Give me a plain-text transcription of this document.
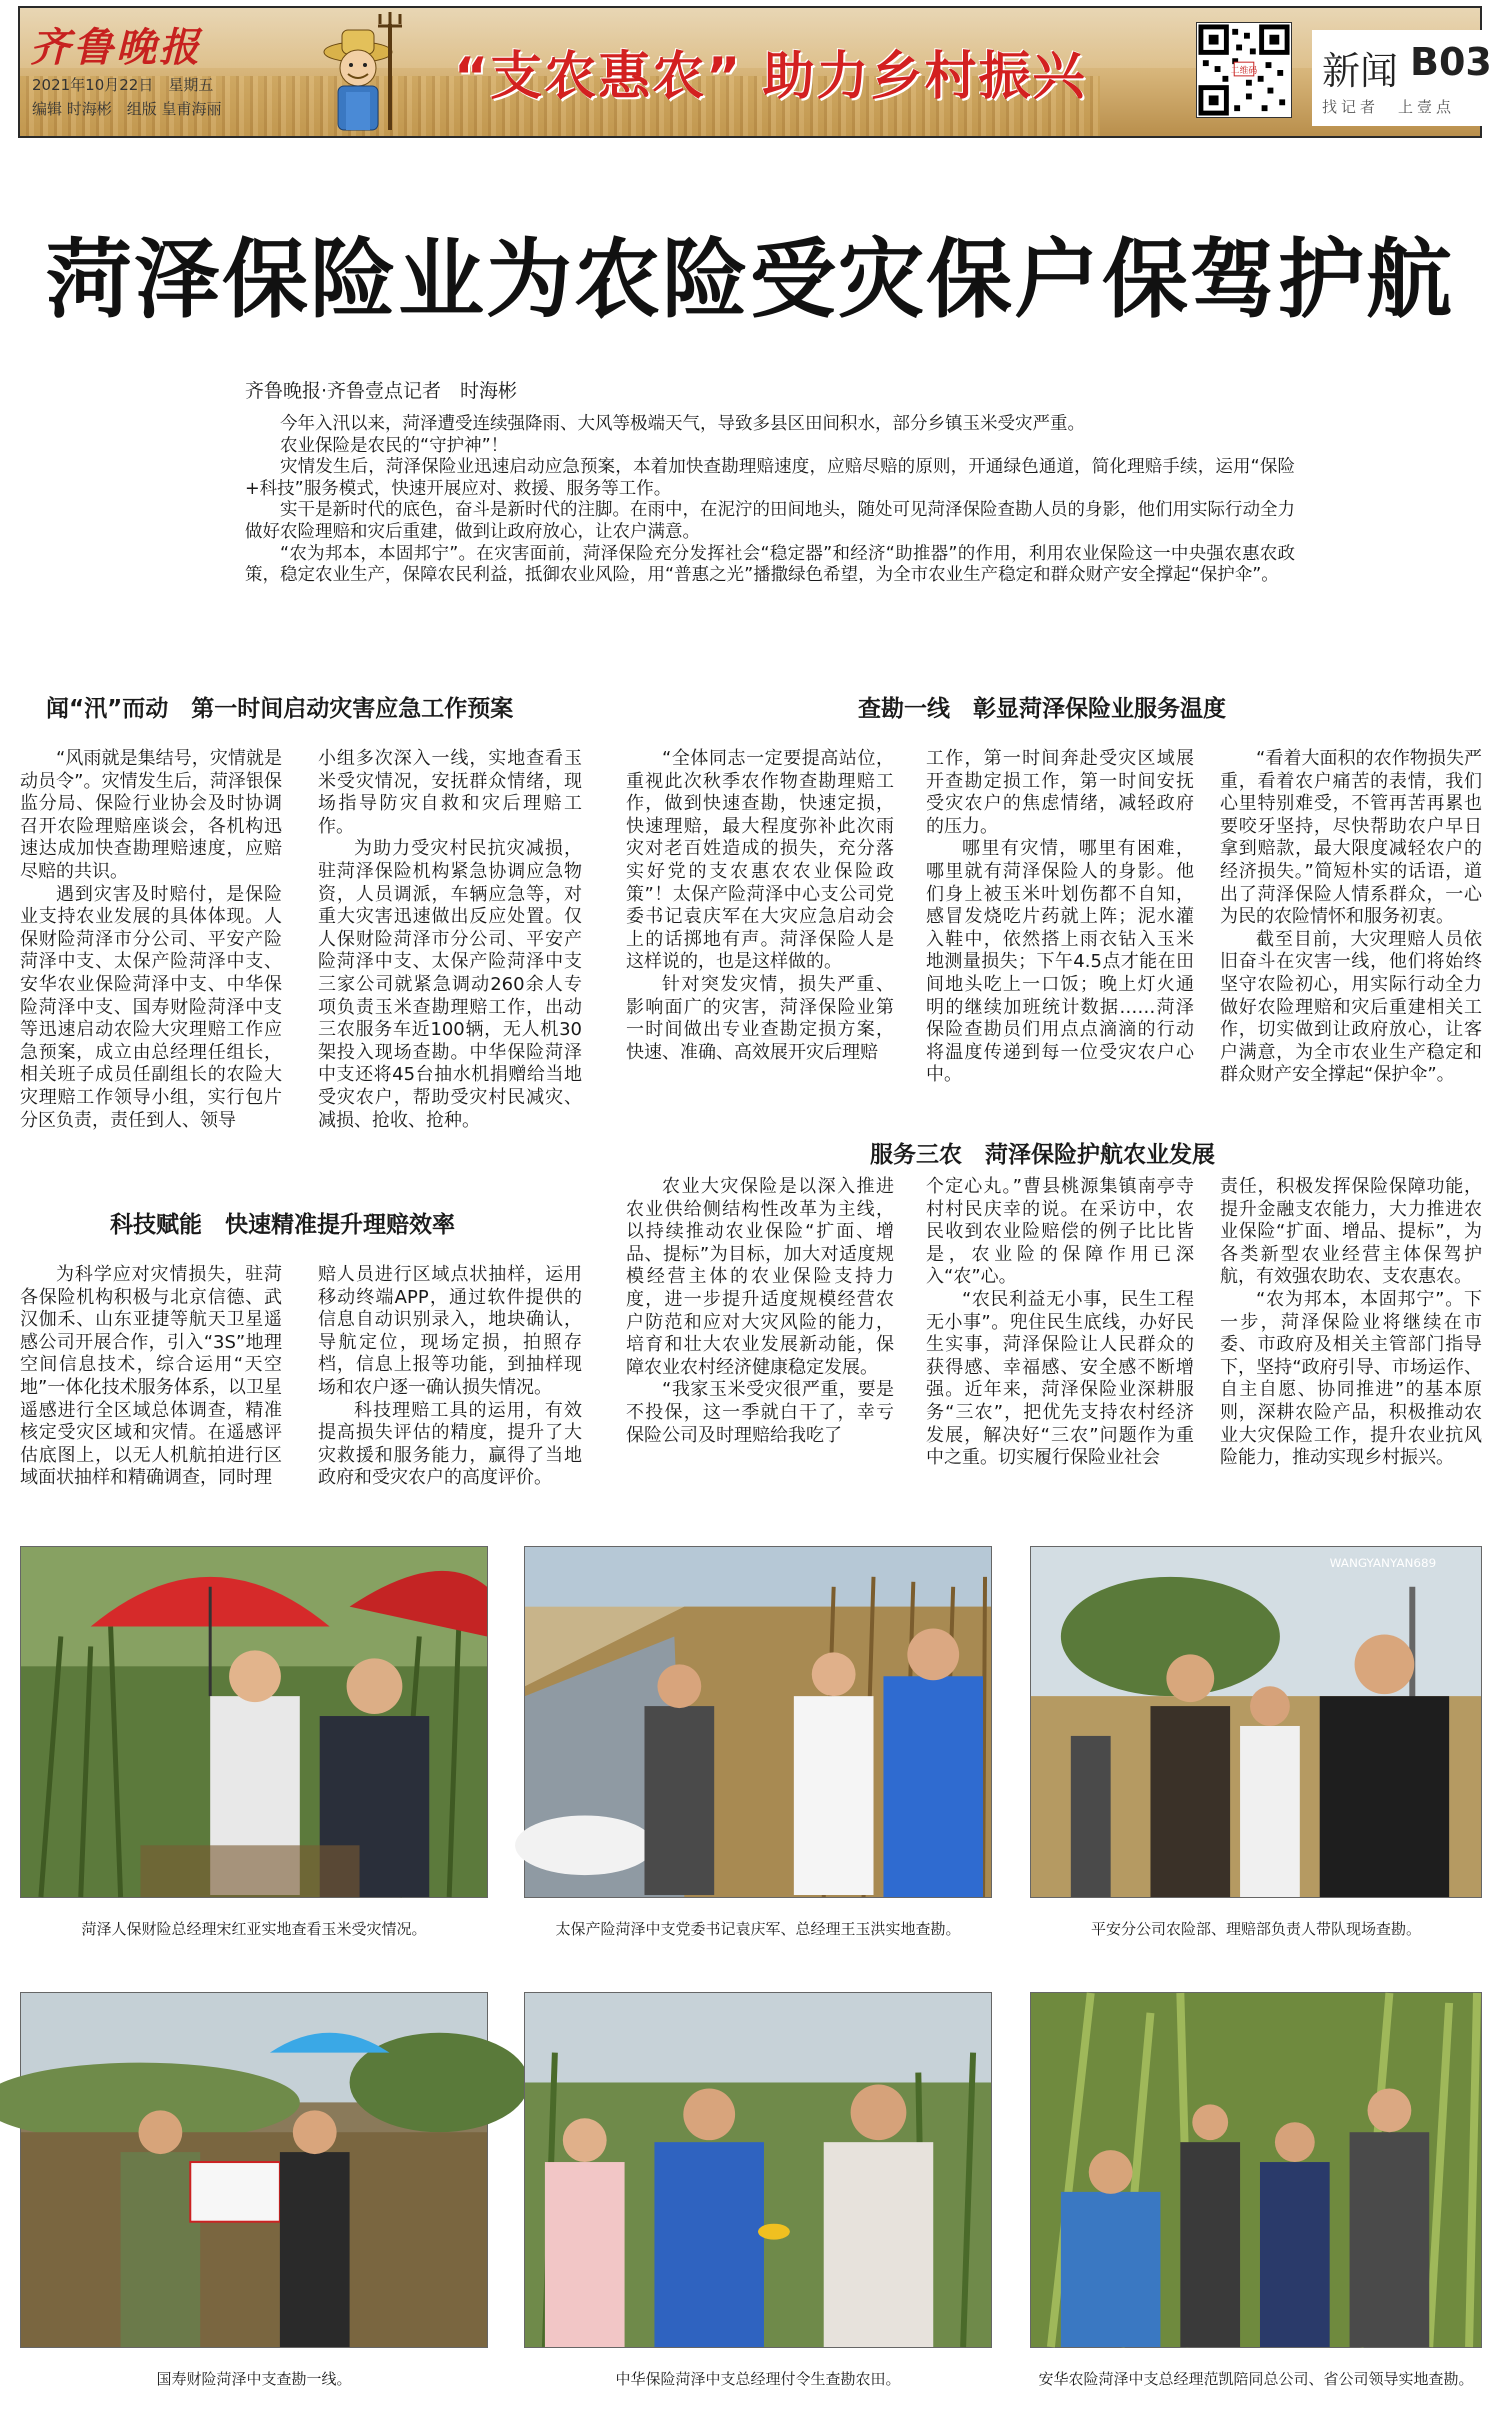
齐鲁晚报
2021年10月22日　星期五
编辑 时海彬　组版 皇甫海丽
“支农惠农” 助力乡村振兴	二维码 新闻 B03
找记者　上壹点
菏泽保险业为农险受灾保户保驾护航
齐鲁晚报·齐鲁壹点记者　时海彬

今年入汛以来，菏泽遭受连续强降雨、大风等极端天气，导致多县区田间积水，部分乡镇玉米受灾严重。

农业保险是农民的“守护神”！

灾情发生后，菏泽保险业迅速启动应急预案，本着加快查勘理赔速度，应赔尽赔的原则，开通绿色通道，简化理赔手续，运用“保险+科技”服务模式，快速开展应对、救援、服务等工作。

实干是新时代的底色，奋斗是新时代的注脚。在雨中，在泥泞的田间地头，随处可见菏泽保险查勘人员的身影，他们用实际行动全力做好农险理赔和灾后重建，做到让政府放心，让农户满意。

“农为邦本，本固邦宁”。在灾害面前，菏泽保险充分发挥社会“稳定器”和经济“助推器”的作用，利用农业保险这一中央强农惠农政策，稳定农业生产，保障农民利益，抵御农业风险，用“普惠之光”播撒绿色希望，为全市农业生产稳定和群众财产安全撑起“保护伞”。

闻“汛”而动　第一时间启动灾害应急工作预案

“风雨就是集结号，灾情就是动员令”。灾情发生后，菏泽银保监分局、保险行业协会及时协调召开农险理赔座谈会，各机构迅速达成加快查勘理赔速度，应赔尽赔的共识。

遇到灾害及时赔付，是保险业支持农业发展的具体体现。人保财险菏泽市分公司、平安产险菏泽中支、太保产险菏泽中支、安华农业保险菏泽中支、中华保险菏泽中支、国寿财险菏泽中支等迅速启动农险大灾理赔工作应急预案，成立由总经理任组长，相关班子成员任副组长的农险大灾理赔工作领导小组，实行包片分区负责，责任到人、领导

小组多次深入一线，实地查看玉米受灾情况，安抚群众情绪，现场指导防灾自救和灾后理赔工作。

为助力受灾村民抗灾减损，驻菏泽保险机构紧急协调应急物资，人员调派，车辆应急等，对重大灾害迅速做出反应处置。仅人保财险菏泽市分公司、平安产险菏泽中支、太保产险菏泽中支三家公司就紧急调动260余人专项负责玉米查勘理赔工作，出动三农服务车近100辆，无人机30架投入现场查勘。中华保险菏泽中支还将45台抽水机捐赠给当地受灾农户，帮助受灾村民减灾、减损、抢收、抢种。

科技赋能　快速精准提升理赔效率

为科学应对灾情损失，驻菏各保险机构积极与北京信德、武汉伽禾、山东亚捷等航天卫星遥感公司开展合作，引入“3S”地理空间信息技术，综合运用“天空地”一体化技术服务体系，以卫星遥感进行全区域总体调查，精准核定受灾区域和灾情。在遥感评估底图上，以无人机航拍进行区域面状抽样和精确调查，同时理

赔人员进行区域点状抽样，运用移动终端APP，通过软件提供的信息自动识别录入，地块确认，导航定位，现场定损，拍照存档，信息上报等功能，到抽样现场和农户逐一确认损失情况。

科技理赔工具的运用，有效提高损失评估的精度，提升了大灾救援和服务能力，赢得了当地政府和受灾农户的高度评价。

查勘一线　彰显菏泽保险业服务温度

“全体同志一定要提高站位，重视此次秋季农作物查勘理赔工作，做到快速查勘，快速定损，快速理赔，最大程度弥补此次雨灾对老百姓造成的损失，充分落实好党的支农惠农农业保险政策”！太保产险菏泽中心支公司党委书记袁庆军在大灾应急启动会上的话掷地有声。菏泽保险人是这样说的，也是这样做的。

针对突发灾情，损失严重、影响面广的灾害，菏泽保险业第一时间做出专业查勘定损方案，快速、准确、高效展开灾后理赔

工作，第一时间奔赴受灾区域展开查勘定损工作，第一时间安抚受灾农户的焦虑情绪，减轻政府的压力。

哪里有灾情，哪里有困难，哪里就有菏泽保险人的身影。他们身上被玉米叶划伤都不自知，感冒发烧吃片药就上阵；泥水灌入鞋中，依然搭上雨衣钻入玉米地测量损失；下午4.5点才能在田间地头吃上一口饭；晚上灯火通明的继续加班统计数据……菏泽保险查勘员们用点点滴滴的行动将温度传递到每一位受灾农户心中。

“看着大面积的农作物损失严重，看着农户痛苦的表情，我们心里特别难受，不管再苦再累也要咬牙坚持，尽快帮助农户早日拿到赔款，最大限度减轻农户的经济损失。”简短朴实的话语，道出了菏泽保险人情系群众，一心为民的农险情怀和服务初衷。

截至目前，大灾理赔人员依旧奋斗在灾害一线，他们将始终坚守农险初心，用实际行动全力做好农险理赔和灾后重建相关工作，切实做到让政府放心，让客户满意，为全市农业生产稳定和群众财产安全撑起“保护伞”。

服务三农　菏泽保险护航农业发展

农业大灾保险是以深入推进农业供给侧结构性改革为主线，以持续推动农业保险“扩面、增品、提标”为目标，加大对适度规模经营主体的农业保险支持力度，进一步提升适度规模经营农户防范和应对大灾风险的能力，培育和壮大农业发展新动能，保障农业农村经济健康稳定发展。

“我家玉米受灾很严重，要是不投保，这一季就白干了，幸亏保险公司及时理赔给我吃了

个定心丸。”曹县桃源集镇南亭寺村村民庆幸的说。在采访中，农民收到农业险赔偿的例子比比皆是，农业险的保障作用已深入“农”心。

“农民利益无小事，民生工程无小事”。兜住民生底线，办好民生实事，菏泽保险让人民群众的获得感、幸福感、安全感不断增强。近年来，菏泽保险业深耕服务“三农”，把优先支持农村经济发展，解决好“三农”问题作为重中之重。切实履行保险业社会

责任，积极发挥保险保障功能，提升金融支农能力，大力推进农业保险“扩面、增品、提标”，为各类新型农业经营主体保驾护航，有效强农助农、支农惠农。

“农为邦本，本固邦宁”。下一步，菏泽保险业将继续在市委、市政府及相关主管部门指导下，坚持“政府引导、市场运作、自主自愿、协同推进”的基本原则，深耕农险产品，积极推动农业大灾保险工作，提升农业抗风险能力，推动实现乡村振兴。

菏泽人保财险总经理宋红亚实地查看玉米受灾情况。	太保产险菏泽中支党委书记袁庆军、总经理王玉洪实地查勘。
WANGYANYAN689
平安分公司农险部、理赔部负责人带队现场查勘。
国寿财险菏泽中支查勘一线。	中华保险菏泽中支总经理付令生查勘农田。	安华农险菏泽中支总经理范凯陪同总公司、省公司领导实地查勘。
